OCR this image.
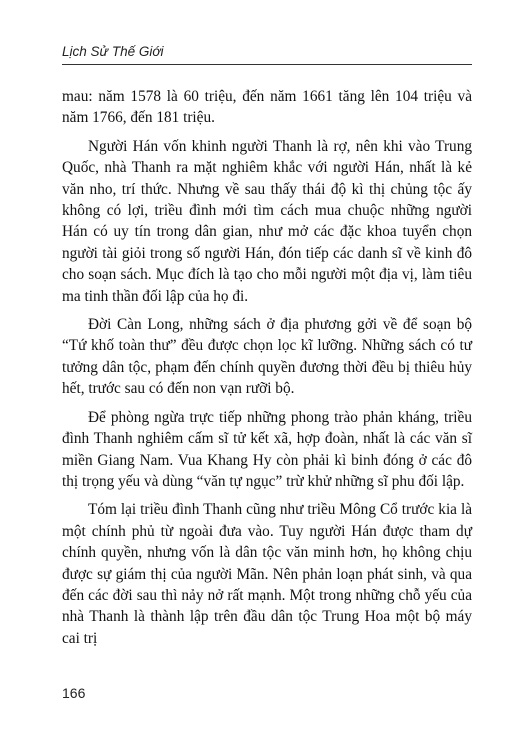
Lịch Sử Thế Giới

mau: năm 1578 là 60 triệu, đến năm 1661 tăng lên 104 triệu và năm 1766, đến 181 triệu.

Người Hán vốn khinh người Thanh là rợ, nên khi vào Trung Quốc, nhà Thanh ra mặt nghiêm khắc với người Hán, nhất là kẻ văn nho, trí thức. Nhưng về sau thấy thái độ kì thị chủng tộc ấy không có lợi, triều đình mới tìm cách mua chuộc những người Hán có uy tín trong dân gian, như mở các đặc khoa tuyển chọn người tài giỏi trong số người Hán, đón tiếp các danh sĩ về kinh đô cho soạn sách. Mục đích là tạo cho mỗi người một địa vị, làm tiêu ma tinh thần đối lập của họ đi.

Đời Càn Long, những sách ở địa phương gởi về để soạn bộ “Tứ khố toàn thư” đều được chọn lọc kĩ lưỡng. Những sách có tư tưởng dân tộc, phạm đến chính quyền đương thời đều bị thiêu hủy hết, trước sau có đến non vạn rưỡi bộ.

Để phòng ngừa trực tiếp những phong trào phản kháng, triều đình Thanh nghiêm cấm sĩ tử kết xã, hợp đoàn, nhất là các văn sĩ miền Giang Nam. Vua Khang Hy còn phải kì binh đóng ở các đô thị trọng yếu và dùng “văn tự ngục” trừ khử những sĩ phu đối lập.

Tóm lại triều đình Thanh cũng như triều Mông Cổ trước kia là một chính phủ từ ngoài đưa vào. Tuy người Hán được tham dự chính quyền, nhưng vốn là dân tộc văn minh hơn, họ không chịu được sự giám thị của người Mãn. Nên phản loạn phát sinh, và qua đến các đời sau thì nảy nở rất mạnh. Một trong những chỗ yếu của nhà Thanh là thành lập trên đầu dân tộc Trung Hoa một bộ máy cai trị

166
